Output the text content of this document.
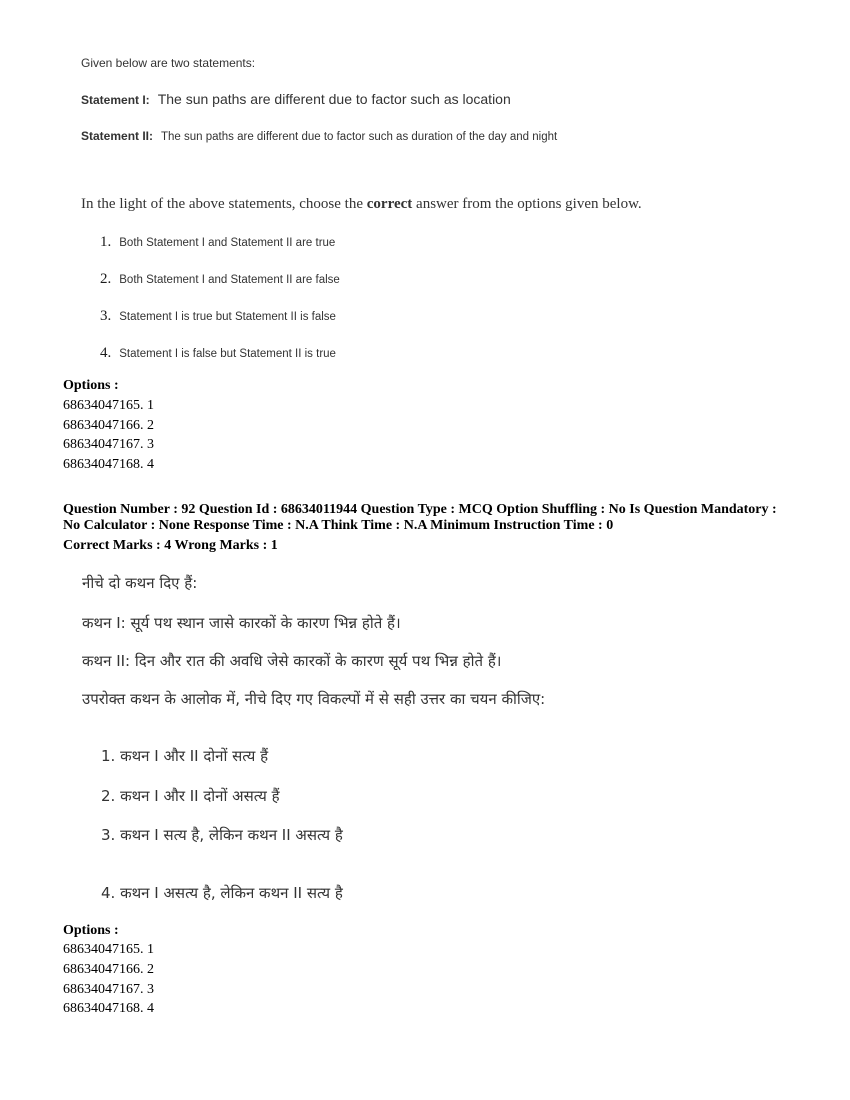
Given below are two statements:
Statement I: The sun paths are different due to factor such as location
Statement II: The sun paths are different due to factor such as duration of the day and night
In the light of the above statements, choose the correct answer from the options given below.
1. Both Statement I and Statement II are true
2. Both Statement I and Statement II are false
3. Statement I is true but Statement II is false
4. Statement I is false but Statement II is true
Options :
68634047165. 1
68634047166. 2
68634047167. 3
68634047168. 4
Question Number : 92 Question Id : 68634011944 Question Type : MCQ Option Shuffling : No Is Question Mandatory :
No Calculator : None Response Time : N.A Think Time : N.A Minimum Instruction Time : 0
Correct Marks : 4 Wrong Marks : 1
नीचे दो कथन दिए हैं:
कथन I: सूर्य पथ स्थान जासे कारकों के कारण भिन्न होते हैं।
कथन II: दिन और रात की अवधि जेसे कारकों के कारण सूर्य पथ भिन्न होते हैं।
उपरोक्त कथन के आलोक में, नीचे दिए गए विकल्पों में से सही उत्तर का चयन कीजिए:
1. कथन I और II दोनों सत्य हैं
2. कथन I और II दोनों असत्य हैं
3. कथन I सत्य है, लेकिन कथन II असत्य है
4. कथन I असत्य है, लेकिन कथन II सत्य है
Options :
68634047165. 1
68634047166. 2
68634047167. 3
68634047168. 4
